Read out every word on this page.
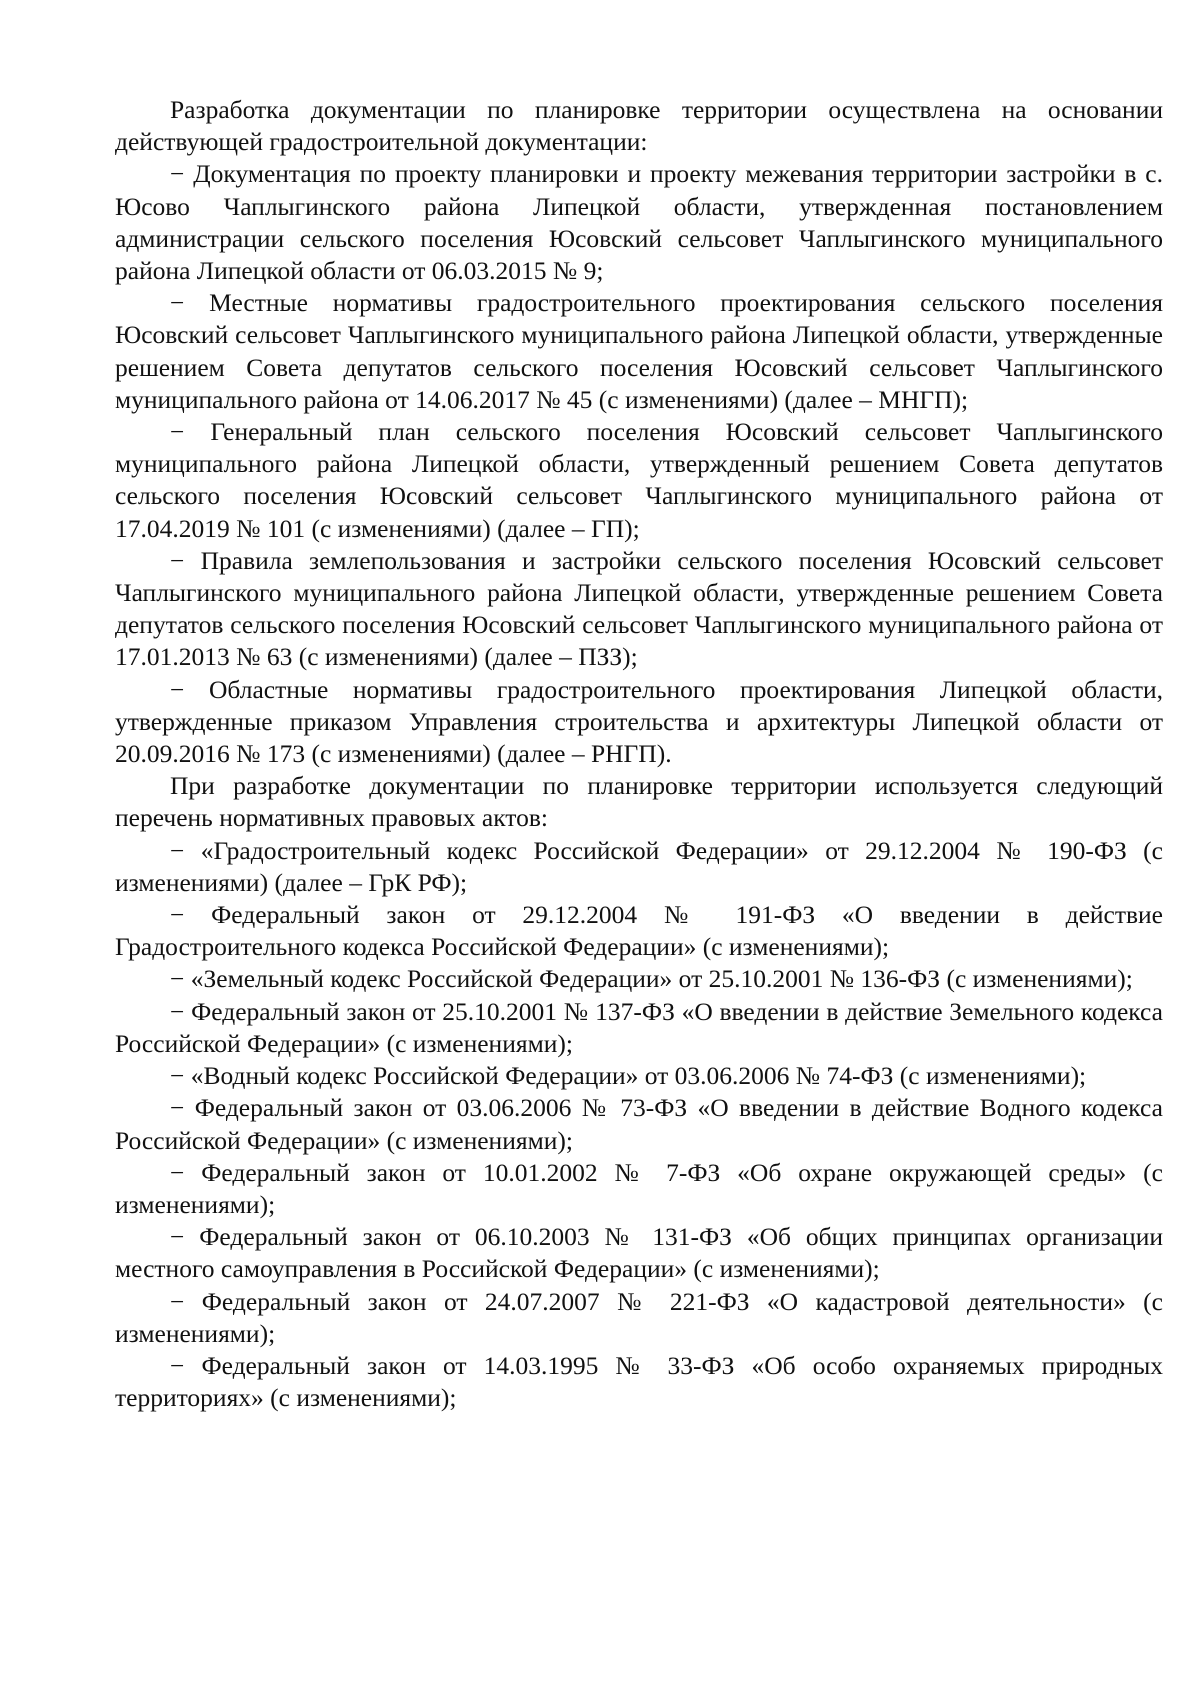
Разработка документации по планировке территории осуществлена на основании действующей градостроительной документации:

− Документация по проекту планировки и проекту межевания территории застройки в с. Юсово Чаплыгинского района Липецкой области, утвержденная постановлением администрации сельского поселения Юсовский сельсовет Чаплыгинского муниципального района Липецкой области от 06.03.2015 № 9;

− Местные нормативы градостроительного проектирования сельского поселения Юсовский сельсовет Чаплыгинского муниципального района Липецкой области, утвержденные решением Совета депутатов сельского поселения Юсовский сельсовет Чаплыгинского муниципального района от 14.06.2017 № 45 (с изменениями) (далее – МНГП);

− Генеральный план сельского поселения Юсовский сельсовет Чаплыгинского муниципального района Липецкой области, утвержденный решением Совета депутатов сельского поселения Юсовский сельсовет Чаплыгинского муниципального района от 17.04.2019 № 101 (с изменениями) (далее – ГП);

− Правила землепользования и застройки сельского поселения Юсовский сельсовет Чаплыгинского муниципального района Липецкой области, утвержденные решением Совета депутатов сельского поселения Юсовский сельсовет Чаплыгинского муниципального района от 17.01.2013 № 63 (с изменениями) (далее – ПЗЗ);

− Областные нормативы градостроительного проектирования Липецкой области, утвержденные приказом Управления строительства и архитектуры Липецкой области от 20.09.2016 № 173 (с изменениями) (далее – РНГП).

При разработке документации по планировке территории используется следующий перечень нормативных правовых актов:

− «Градостроительный кодекс Российской Федерации» от 29.12.2004 № 190-ФЗ (с изменениями) (далее – ГрК РФ);

− Федеральный закон от 29.12.2004 № 191-ФЗ «О введении в действие Градостроительного кодекса Российской Федерации» (с изменениями);

− «Земельный кодекс Российской Федерации» от 25.10.2001 № 136-ФЗ (с изменениями);

− Федеральный закон от 25.10.2001 № 137-ФЗ «О введении в действие Земельного кодекса Российской Федерации» (с изменениями);

− «Водный кодекс Российской Федерации» от 03.06.2006 № 74-ФЗ (с изменениями);

− Федеральный закон от 03.06.2006 № 73-ФЗ «О введении в действие Водного кодекса Российской Федерации» (с изменениями);

− Федеральный закон от 10.01.2002 № 7-ФЗ «Об охране окружающей среды» (с изменениями);

− Федеральный закон от 06.10.2003 № 131-ФЗ «Об общих принципах организации местного самоуправления в Российской Федерации» (с изменениями);

− Федеральный закон от 24.07.2007 № 221-ФЗ «О кадастровой деятельности» (с изменениями);

− Федеральный закон от 14.03.1995 № 33-ФЗ «Об особо охраняемых природных территориях» (с изменениями);
